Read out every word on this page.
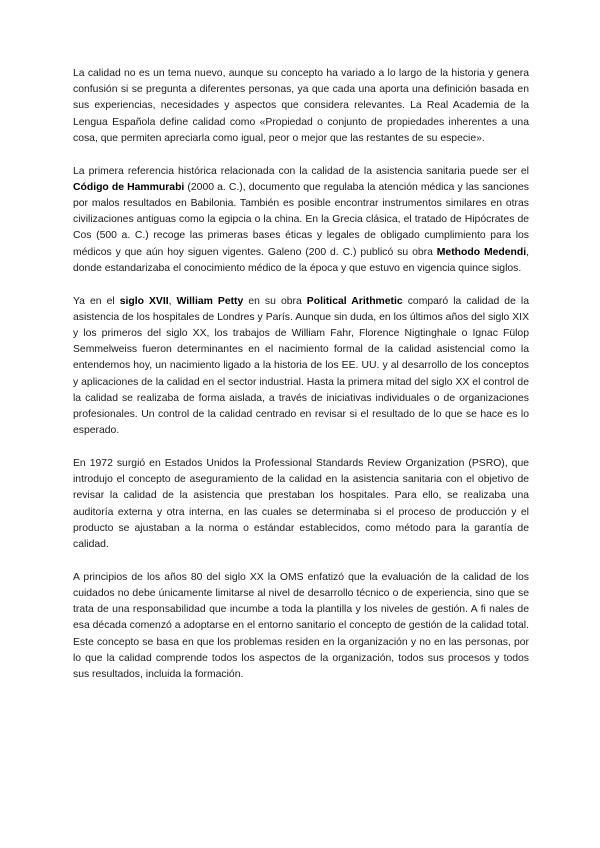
La calidad no es un tema nuevo, aunque su concepto ha variado a lo largo de la historia y genera confusión si se pregunta a diferentes personas, ya que cada una aporta una definición basada en sus experiencias, necesidades y aspectos que considera relevantes. La Real Academia de la Lengua Española define calidad como «Propiedad o conjunto de propiedades inherentes a una cosa, que permiten apreciarla como igual, peor o mejor que las restantes de su especie».

La primera referencia histórica relacionada con la calidad de la asistencia sanitaria puede ser el Código de Hammurabi (2000 a. C.), documento que regulaba la atención médica y las sanciones por malos resultados en Babilonia. También es posible encontrar instrumentos similares en otras civilizaciones antiguas como la egipcia o la china. En la Grecia clásica, el tratado de Hipócrates de Cos (500 a. C.) recoge las primeras bases éticas y legales de obligado cumplimiento para los médicos y que aún hoy siguen vigentes. Galeno (200 d. C.) publicó su obra Methodo Medendi, donde estandarizaba el conocimiento médico de la época y que estuvo en vigencia quince siglos.

Ya en el siglo XVII, William Petty en su obra Political Arithmetic comparó la calidad de la asistencia de los hospitales de Londres y París. Aunque sin duda, en los últimos años del siglo XIX y los primeros del siglo XX, los trabajos de William Fahr, Florence Nigtinghale o Ignac Fülop Semmelweiss fueron determinantes en el nacimiento formal de la calidad asistencial como la entendemos hoy, un nacimiento ligado a la historia de los EE. UU. y al desarrollo de los conceptos y aplicaciones de la calidad en el sector industrial. Hasta la primera mitad del siglo XX el control de la calidad se realizaba de forma aislada, a través de iniciativas individuales o de organizaciones profesionales. Un control de la calidad centrado en revisar si el resultado de lo que se hace es lo esperado.

En 1972 surgió en Estados Unidos la Professional Standards Review Organization (PSRO), que introdujo el concepto de aseguramiento de la calidad en la asistencia sanitaria con el objetivo de revisar la calidad de la asistencia que prestaban los hospitales. Para ello, se realizaba una auditoría externa y otra interna, en las cuales se determinaba si el proceso de producción y el producto se ajustaban a la norma o estándar establecidos, como método para la garantía de calidad.

A principios de los años 80 del siglo XX la OMS enfatizó que la evaluación de la calidad de los cuidados no debe únicamente limitarse al nivel de desarrollo técnico o de experiencia, sino que se trata de una responsabilidad que incumbe a toda la plantilla y los niveles de gestión. A fi nales de esa década comenzó a adoptarse en el entorno sanitario el concepto de gestión de la calidad total. Este concepto se basa en que los problemas residen en la organización y no en las personas, por lo que la calidad comprende todos los aspectos de la organización, todos sus procesos y todos sus resultados, incluida la formación.
